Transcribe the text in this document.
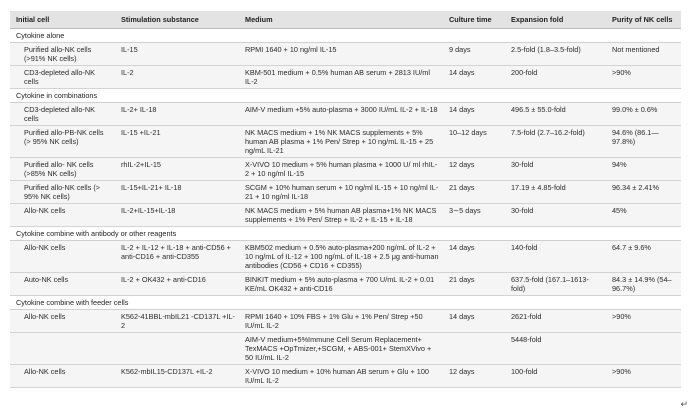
Initial cell	Stimulation substance	Medium	Culture time	Expansion fold	Purity of NK cells
Cytokine alone					
Purified allo-NK cells (>91% NK cells)	IL-15	RPMI 1640 + 10 ng/ml IL-15	9 days	2.5-fold (1.8–3.5-fold)	Not mentioned
CD3-depleted allo-NK cells	IL-2	KBM-501 medium + 0.5% human AB serum + 2813 IU/ml IL-2	14 days	200-fold	>90%
Cytokine in combinations					
CD3-depleted allo-NK cells	IL-2+ IL-18	AIM-V medium +5% auto-plasma + 3000 IU/mL IL-2 + IL-18	14 days	496.5 ± 55.0-fold	99.0% ± 0.6%
Purified allo-PB-NK cells (> 95% NK cells)	IL-15 +IL-21	NK MACS medium + 1% NK MACS supplements + 5% human AB plasma + 1% Pen/ Strep + 10 ng/mL IL-15 + 25 ng/mL IL-21	10–12 days	7.5-fold (2.7–16.2-fold)	94.6% (86.1—97.8%)
Purified allo- NK cells (>85% NK cells)	rhIL-2+IL-15	X-VIVO 10 medium + 5% human plasma + 1000 U/ ml rhIL-2 + 10 ng/ml IL-15	12 days	30-fold	94%
Purified allo-NK cells (> 95% NK cells)	IL-15+IL-21+ IL-18	SCGM + 10% human serum + 10 ng/ml IL-15 + 10 ng/ml IL-21 + 10 ng/ml IL-18	21 days	17.19 ± 4.85-fold	96.34 ± 2.41%
Allo-NK cells	IL-2+IL-15+IL-18	NK MACS medium + 5% human AB plasma+1% NK MACS supplements + 1% Pen/ Strep + IL-2 + IL-15 + IL-18	3∼5 days	30-fold	45%
Cytokine combine with antibody or other reagents					
Allo-NK cells	IL-2 + IL-12 + IL-18 + anti-CD56 + anti-CD16 + anti-CD355	KBM502 medium + 0.5% auto-plasma+200 ng/mL of IL-2 + 10 ng/mL of IL-12 + 100 ng/mL of IL-18 + 2.5 μg anti-human antibodies (CD56 + CD16 + CD355)	14 days	140-fold	64.7 ± 9.6%
Auto-NK cells	IL-2 + OK432 + anti-CD16	BINKIT medium + 5% auto-plasma + 700 U/mL IL-2 + 0.01 KE/mL OK432 + anti-CD16	21 days	637.5-fold (167.1–1613-fold)	84.3 ± 14.9% (54–96.7%)
Cytokine combine with feeder cells					
Allo-NK cells	K562-41BBL-mbIL21 -CD137L +IL-2	RPMI 1640 + 10% FBS + 1% Glu + 1% Pen/ Strep +50 IU/mL IL-2	14 days	2621-fold	>90%
		AIM-V medium+5%Immune Cell Serum Replacement+ TexMACS +OpTmizer,+SCGM, + ABS-001+ StemXVivo + 50 IU/mL IL-2		5448-fold	
Allo-NK cells	K562-mbIL15-CD137L +IL-2	X-VIVO 10 medium + 10% human AB serum + Glu + 100 IU/mL IL-2	12 days	100-fold	>90%
↵
